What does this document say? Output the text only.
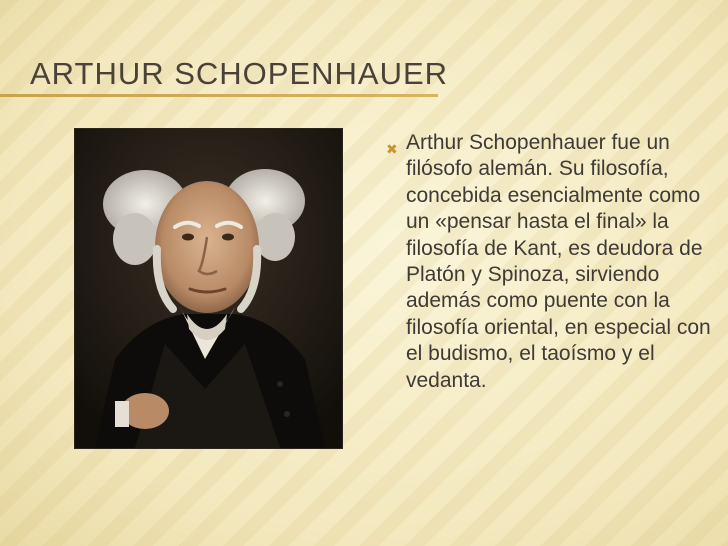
ARTHUR SCHOPENHAUER
✖ Arthur Schopenhauer fue un filósofo alemán. Su filosofía, concebida esencialmente como un «pensar hasta el final» la filosofía de Kant, es deudora de Platón y Spinoza, sirviendo además como puente con la filosofía oriental, en especial con el budismo, el taoísmo y el vedanta.
